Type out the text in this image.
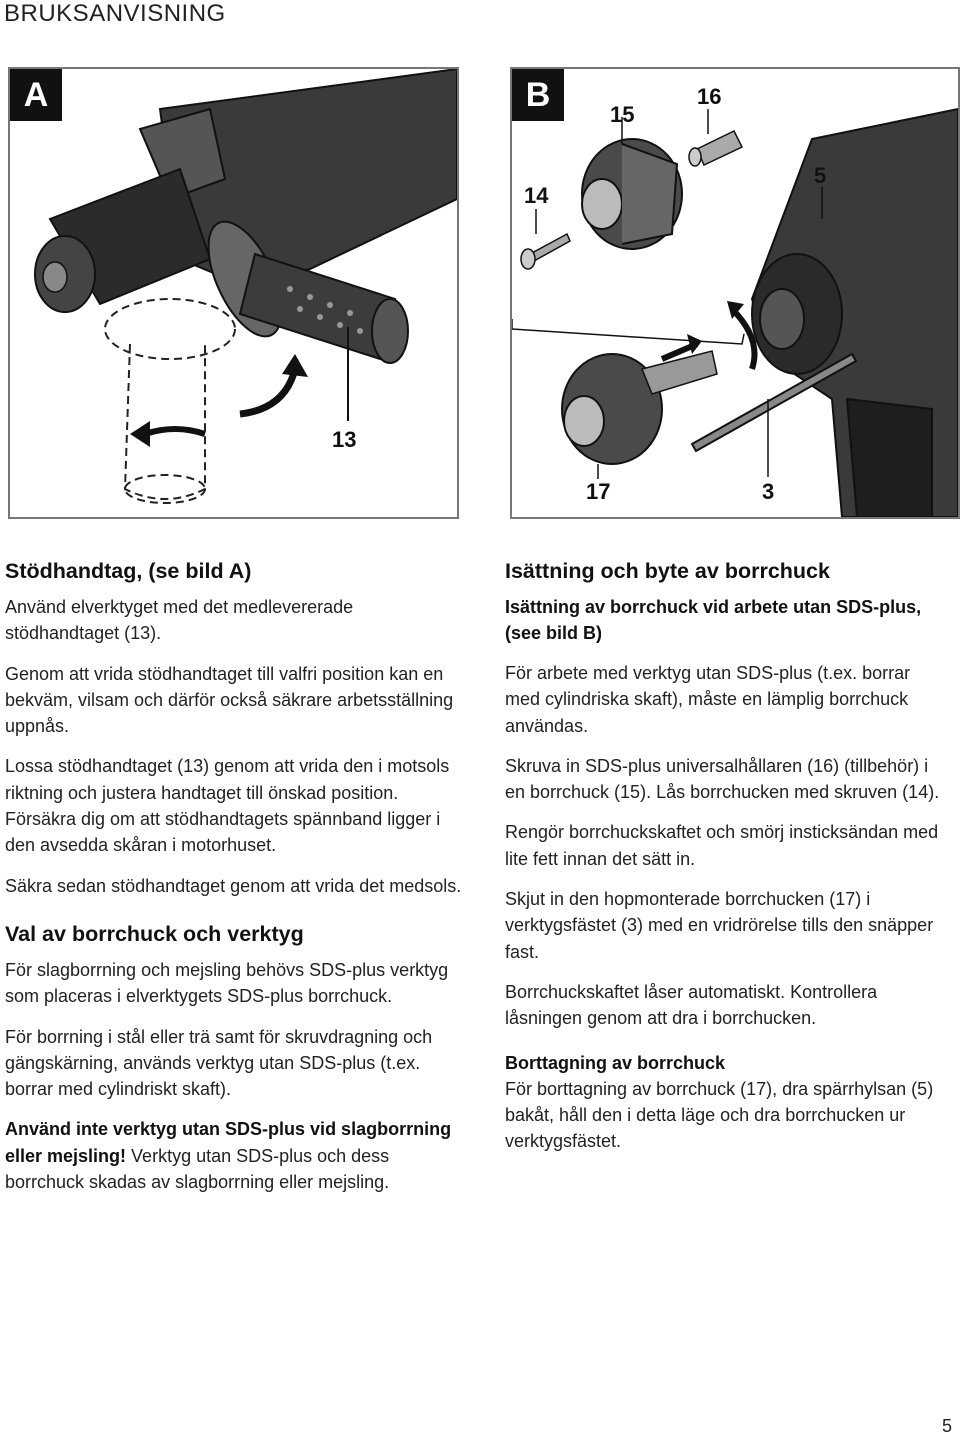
BRUKSANVISNING
A
13
B
14
15
16
5
17	3
Stödhandtag, (se bild A)

Använd elverktyget med det medlevererade stödhandtaget (13).

Genom att vrida stödhandtaget till valfri position kan en bekväm, vilsam och därför också säkrare arbetsställning uppnås.

Lossa stödhandtaget (13) genom att vrida den i motsols riktning och justera handtaget till önskad position. Försäkra dig om att stödhandtagets spännband ligger i den avsedda skåran i motorhuset.

Säkra sedan stödhandtaget genom att vrida det medsols.

Val av borrchuck och verktyg

För slagborrning och mejsling behövs SDS-plus verktyg som placeras i elverktygets SDS-plus borrchuck.

För borrning i stål eller trä samt för skruvdragning och gängskärning, används verktyg utan SDS-plus (t.ex. borrar med cylindriskt skaft).

Använd inte verktyg utan SDS-plus vid slagborrning eller mejsling! Verktyg utan SDS-plus och dess borrchuck skadas av slagborrning eller mejsling.

Isättning och byte av borrchuck
Isättning av borrchuck vid arbete utan SDS-plus, (see bild B)

För arbete med verktyg utan SDS-plus (t.ex. borrar med cylindriska skaft), måste en lämplig borrchuck användas.

Skruva in SDS-plus universalhållaren (16) (tillbehör) i en borrchuck (15). Lås borrchucken med skruven (14).

Rengör borrchuckskaftet och smörj insticksändan med lite fett innan det sätt in.

Skjut in den hopmonterade borrchucken (17) i verktygsfästet (3) med en vridrörelse tills den snäpper fast.

Borrchuckskaftet låser automatiskt. Kontrollera låsningen genom att dra i borrchucken.

Borttagning av borrchuck

För borttagning av borrchuck (17), dra spärrhylsan (5) bakåt, håll den i detta läge och dra borrchucken ur verktygsfästet.

5
